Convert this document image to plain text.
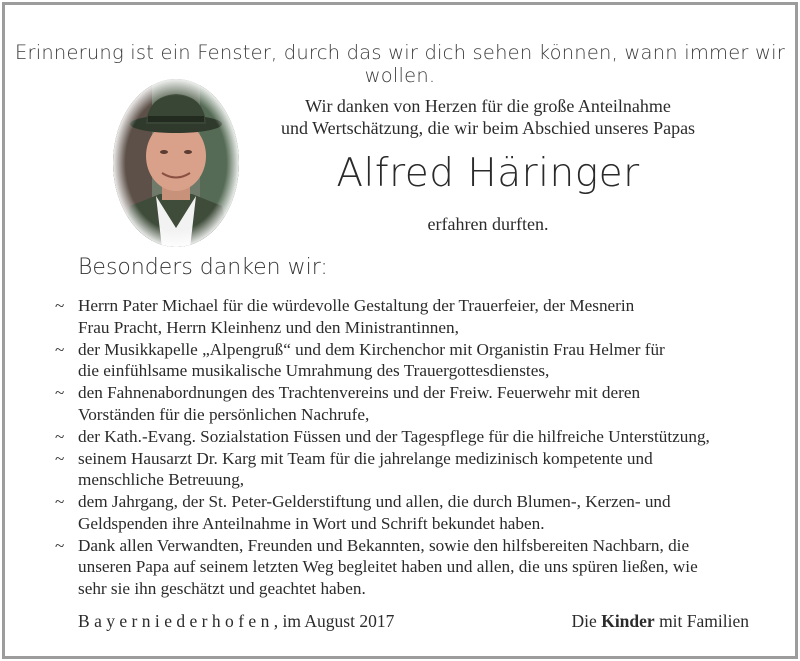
Erinnerung ist ein Fenster, durch das wir dich sehen können, wann immer wir wollen.
Wir danken von Herzen für die große Anteilnahme
und Wertschätzung, die wir beim Abschied unseres Papas
Alfred Häringer
erfahren durften.
Besonders danken wir:
~ Herrn Pater Michael für die würdevolle Gestaltung der Trauerfeier, der Mesnerin
Frau Pracht, Herrn Kleinhenz und den Ministrantinnen,
~ der Musikkapelle „Alpengruß“ und dem Kirchenchor mit Organistin Frau Helmer für
die einfühlsame musikalische Umrahmung des Trauergottesdienstes,
~ den Fahnenabordnungen des Trachtenvereins und der Freiw. Feuerwehr mit deren
Vorständen für die persönlichen Nachrufe,
~ der Kath.-Evang. Sozialstation Füssen und der Tagespflege für die hilfreiche Unterstützung,
~ seinem Hausarzt Dr. Karg mit Team für die jahrelange medizinisch kompetente und
menschliche Betreuung,
~ dem Jahrgang, der St. Peter-Gelderstiftung und allen, die durch Blumen-, Kerzen- und
Geldspenden ihre Anteilnahme in Wort und Schrift bekundet haben.
~ Dank allen Verwandten, Freunden und Bekannten, sowie den hilfsbereiten Nachbarn, die
unseren Papa auf seinem letzten Weg begleitet haben und allen, die uns spüren ließen, wie
sehr sie ihn geschätzt und geachtet haben.
Bayerniederhofen, im August 2017	Die Kinder mit Familien
